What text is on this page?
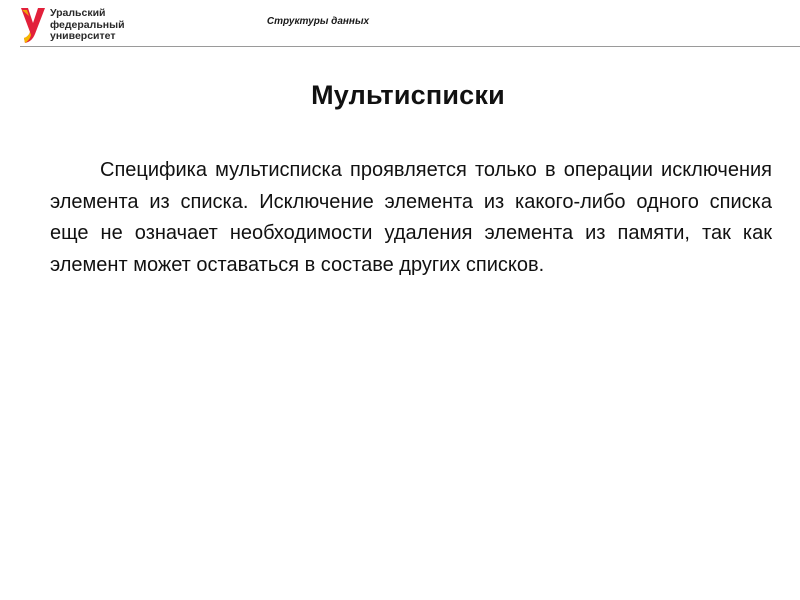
Уральский
федеральный
университет
Структуры данных
Мультисписки

Специфика мультисписка проявляется только в операции исключения элемента из списка. Исключение элемента из какого-либо одного списка еще не означает необходимости удаления элемента из памяти, так как элемент может оставаться в составе других списков.
